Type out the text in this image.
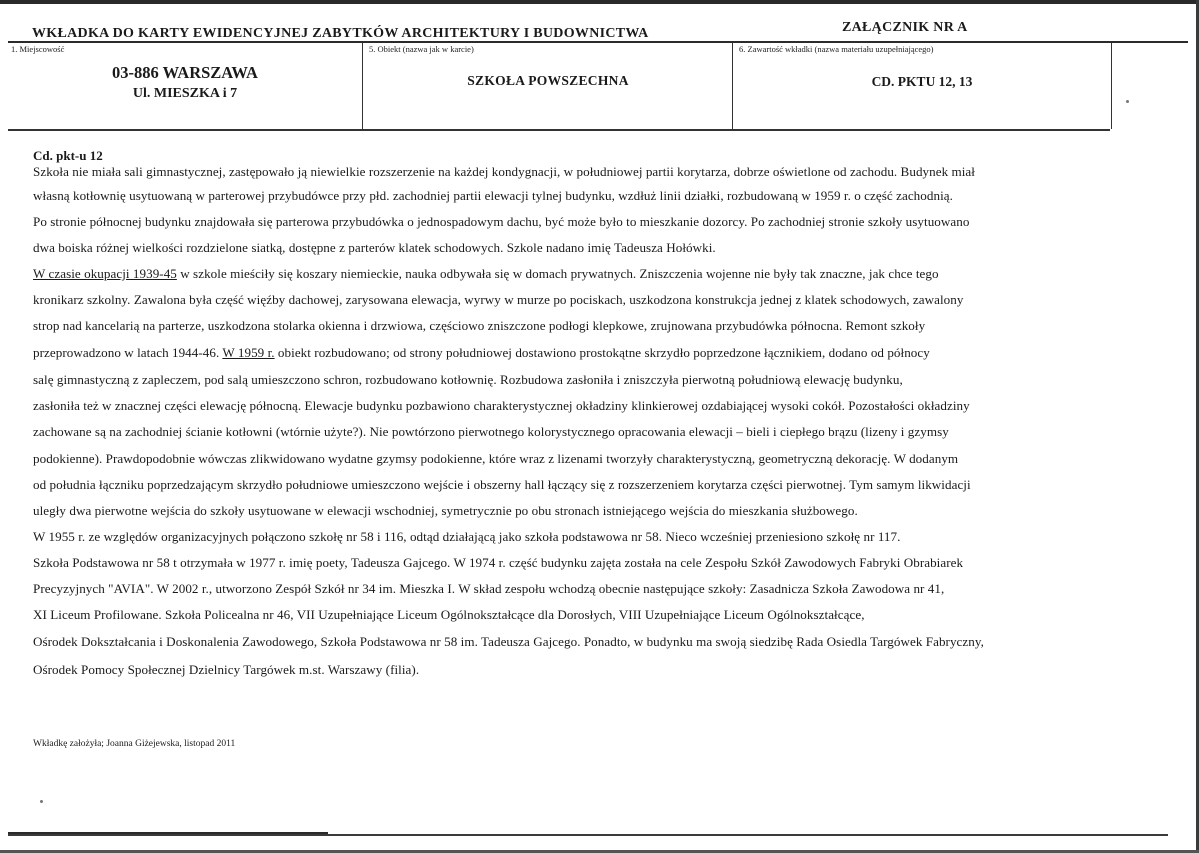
WKŁADKA DO KARTY EWIDENCYJNEJ ZABYTKÓW ARCHITEKTURY I BUDOWNICTWA	ZAŁĄCZNIK NR A
1. Miejscowość
03-886 WARSZAWA
Ul. MIESZKA i 7
5. Obiekt (nazwa jak w karcie)
SZKOŁA POWSZECHNA
6. Zawartość wkładki (nazwa materiału uzupełniającego)
CD. PKTU 12, 13
Cd. pkt-u 12
Szkoła nie miała sali gimnastycznej, zastępowało ją niewielkie rozszerzenie na każdej kondygnacji, w południowej partii korytarza, dobrze oświetlone od zachodu. Budynek miał
własną kotłownię usytuowaną w parterowej przybudówce przy płd. zachodniej partii elewacji tylnej budynku, wzdłuż linii działki, rozbudowaną w 1959 r. o część zachodnią.
Po stronie północnej budynku znajdowała się parterowa przybudówka o jednospadowym dachu, być może było to mieszkanie dozorcy. Po zachodniej stronie szkoły usytuowano
dwa boiska różnej wielkości rozdzielone siatką, dostępne z parterów klatek schodowych. Szkole nadano imię Tadeusza Hołówki.
W czasie okupacji 1939-45 w szkole mieściły się koszary niemieckie, nauka odbywała się w domach prywatnych. Zniszczenia wojenne nie były tak znaczne, jak chce tego
kronikarz szkolny. Zawalona była część więźby dachowej, zarysowana elewacja, wyrwy w murze po pociskach, uszkodzona konstrukcja jednej z klatek schodowych, zawalony
strop nad kancelarią na parterze, uszkodzona stolarka okienna i drzwiowa, częściowo zniszczone podłogi klepkowe, zrujnowana przybudówka północna. Remont szkoły
przeprowadzono w latach 1944-46. W 1959 r. obiekt rozbudowano; od strony południowej dostawiono prostokątne skrzydło poprzedzone łącznikiem, dodano od północy
salę gimnastyczną z zapleczem, pod salą umieszczono schron, rozbudowano kotłownię. Rozbudowa zasłoniła i zniszczyła pierwotną południową elewację budynku,
zasłoniła też w znacznej części elewację północną. Elewacje budynku pozbawiono charakterystycznej okładziny klinkierowej ozdabiającej wysoki cokół. Pozostałości okładziny
zachowane są na zachodniej ścianie kotłowni (wtórnie użyte?). Nie powtórzono pierwotnego kolorystycznego opracowania elewacji – bieli i ciepłego brązu (lizeny i gzymsy
podokienne). Prawdopodobnie wówczas zlikwidowano wydatne gzymsy podokienne, które wraz z lizenami tworzyły charakterystyczną, geometryczną dekorację. W dodanym
od południa łączniku poprzedzającym skrzydło południowe umieszczono wejście i obszerny hall łączący się z rozszerzeniem korytarza części pierwotnej. Tym samym likwidacji
uległy dwa pierwotne wejścia do szkoły usytuowane w elewacji wschodniej, symetrycznie po obu stronach istniejącego wejścia do mieszkania służbowego.
W 1955 r. ze względów organizacyjnych połączono szkołę nr 58 i 116, odtąd działającą jako szkoła podstawowa nr 58. Nieco wcześniej przeniesiono szkołę nr 117.
Szkoła Podstawowa nr 58 t otrzymała w 1977 r. imię poety, Tadeusza Gajcego. W 1974 r. część budynku zajęta została na cele Zespołu Szkół Zawodowych Fabryki Obrabiarek
Precyzyjnych "AVIA". W 2002 r., utworzono Zespół Szkół nr 34 im. Mieszka I. W skład zespołu wchodzą obecnie następujące szkoły: Zasadnicza Szkoła Zawodowa nr 41,
XI Liceum Profilowane. Szkoła Policealna nr 46, VII Uzupełniające Liceum Ogólnokształcące dla Dorosłych, VIII Uzupełniające Liceum Ogólnokształcące,
Ośrodek Dokształcania i Doskonalenia Zawodowego, Szkoła Podstawowa nr 58 im. Tadeusza Gajcego. Ponadto, w budynku ma swoją siedzibę Rada Osiedla Targówek Fabryczny,
Ośrodek Pomocy Społecznej Dzielnicy Targówek m.st. Warszawy (filia).
Wkładkę założyła; Joanna Giżejewska, listopad 2011
